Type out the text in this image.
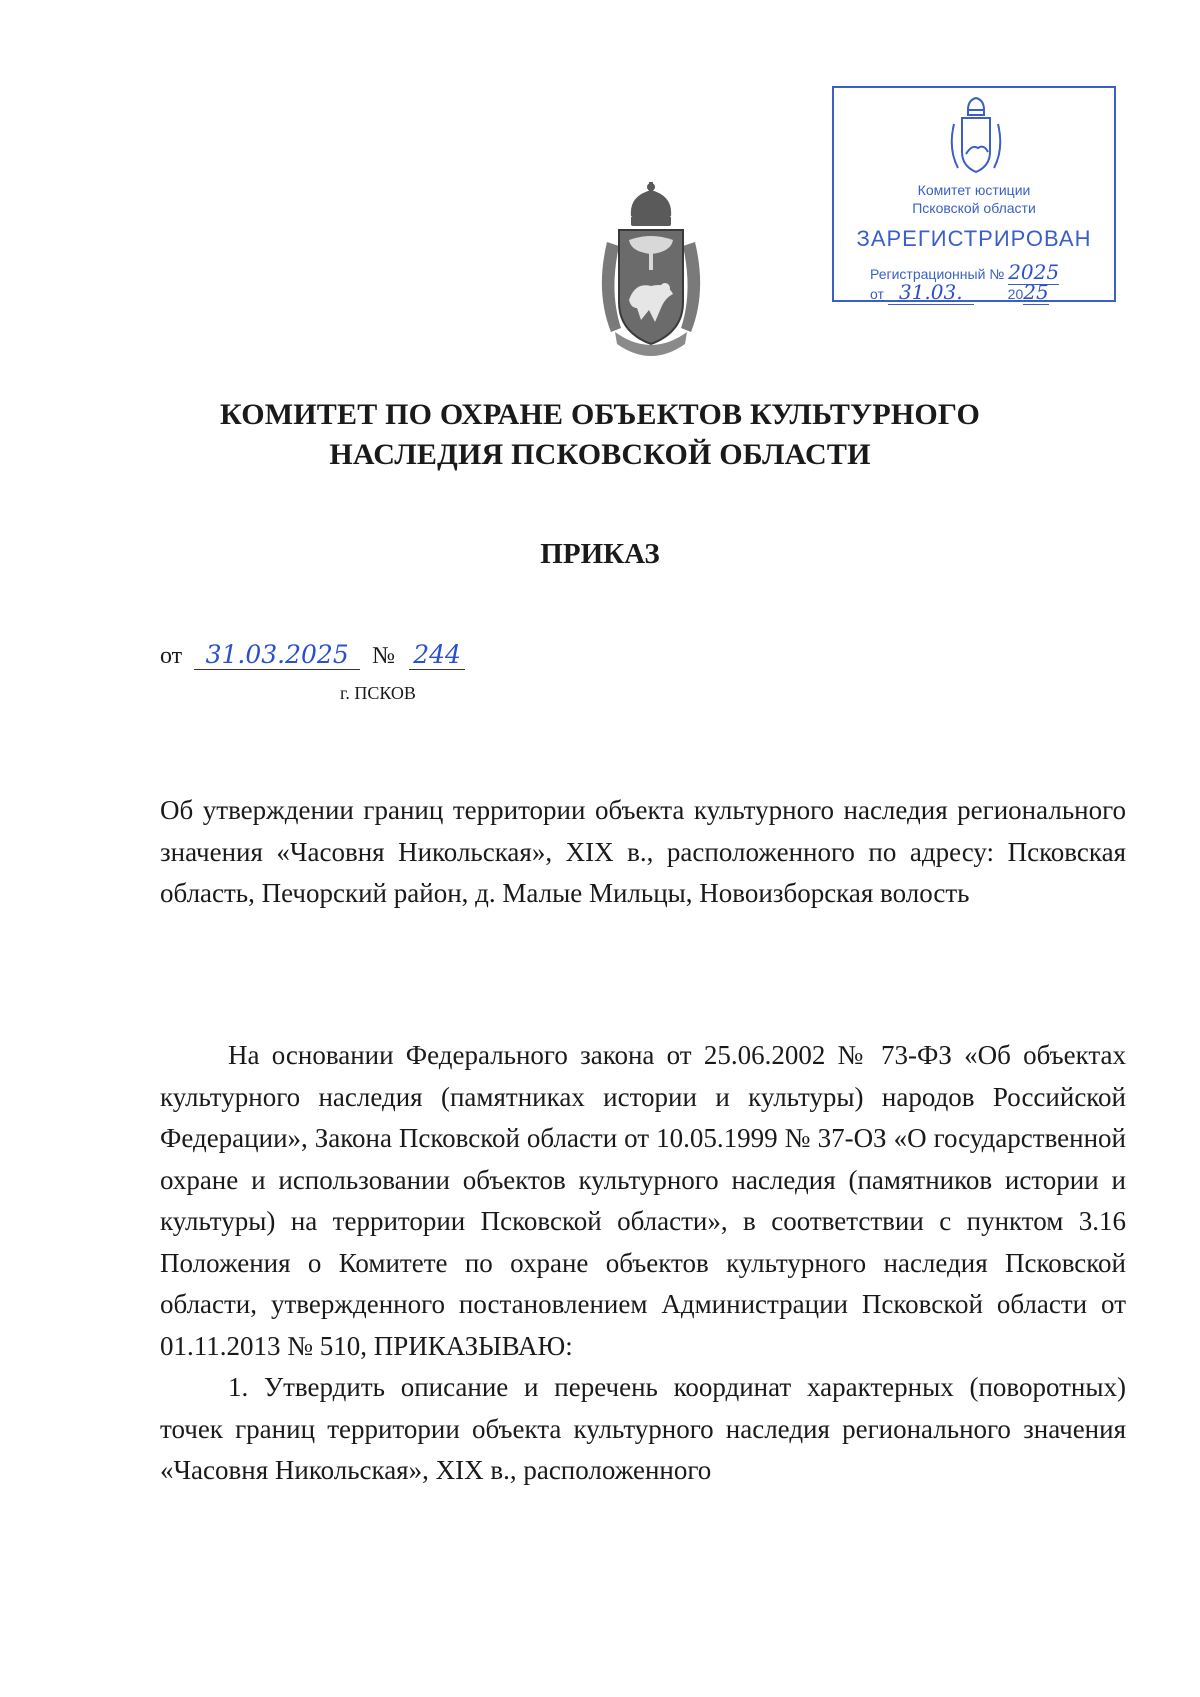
Комитет юстиции
Псковской области
ЗАРЕГИСТРИРОВАН
Регистрационный № 2025
от 31.03.	2025
КОМИТЕТ ПО ОХРАНЕ ОБЪЕКТОВ КУЛЬТУРНОГО
НАСЛЕДИЯ ПСКОВСКОЙ ОБЛАСТИ
ПРИКАЗ
от 31.03.2025 № 244
г. ПСКОВ
Об утверждении границ территории объекта культурного наследия регионального значения «Часовня Никольская», XIX в., расположенного по адресу: Псковская область, Печорский район, д. Малые Мильцы, Новоизборская волость

На основании Федерального закона от 25.06.2002 № 73-ФЗ «Об объектах культурного наследия (памятниках истории и культуры) народов Российской Федерации», Закона Псковской области от 10.05.1999 № 37-ОЗ «О государственной охране и использовании объектов культурного наследия (памятников истории и культуры) на территории Псковской области», в соответствии с пунктом 3.16 Положения о Комитете по охране объектов культурного наследия Псковской области, утвержденного постановлением Администрации Псковской области от 01.11.2013 № 510, ПРИКАЗЫВАЮ:

1. Утвердить описание и перечень координат характерных (поворотных) точек границ территории объекта культурного наследия регионального значения «Часовня Никольская», XIX в., расположенного
